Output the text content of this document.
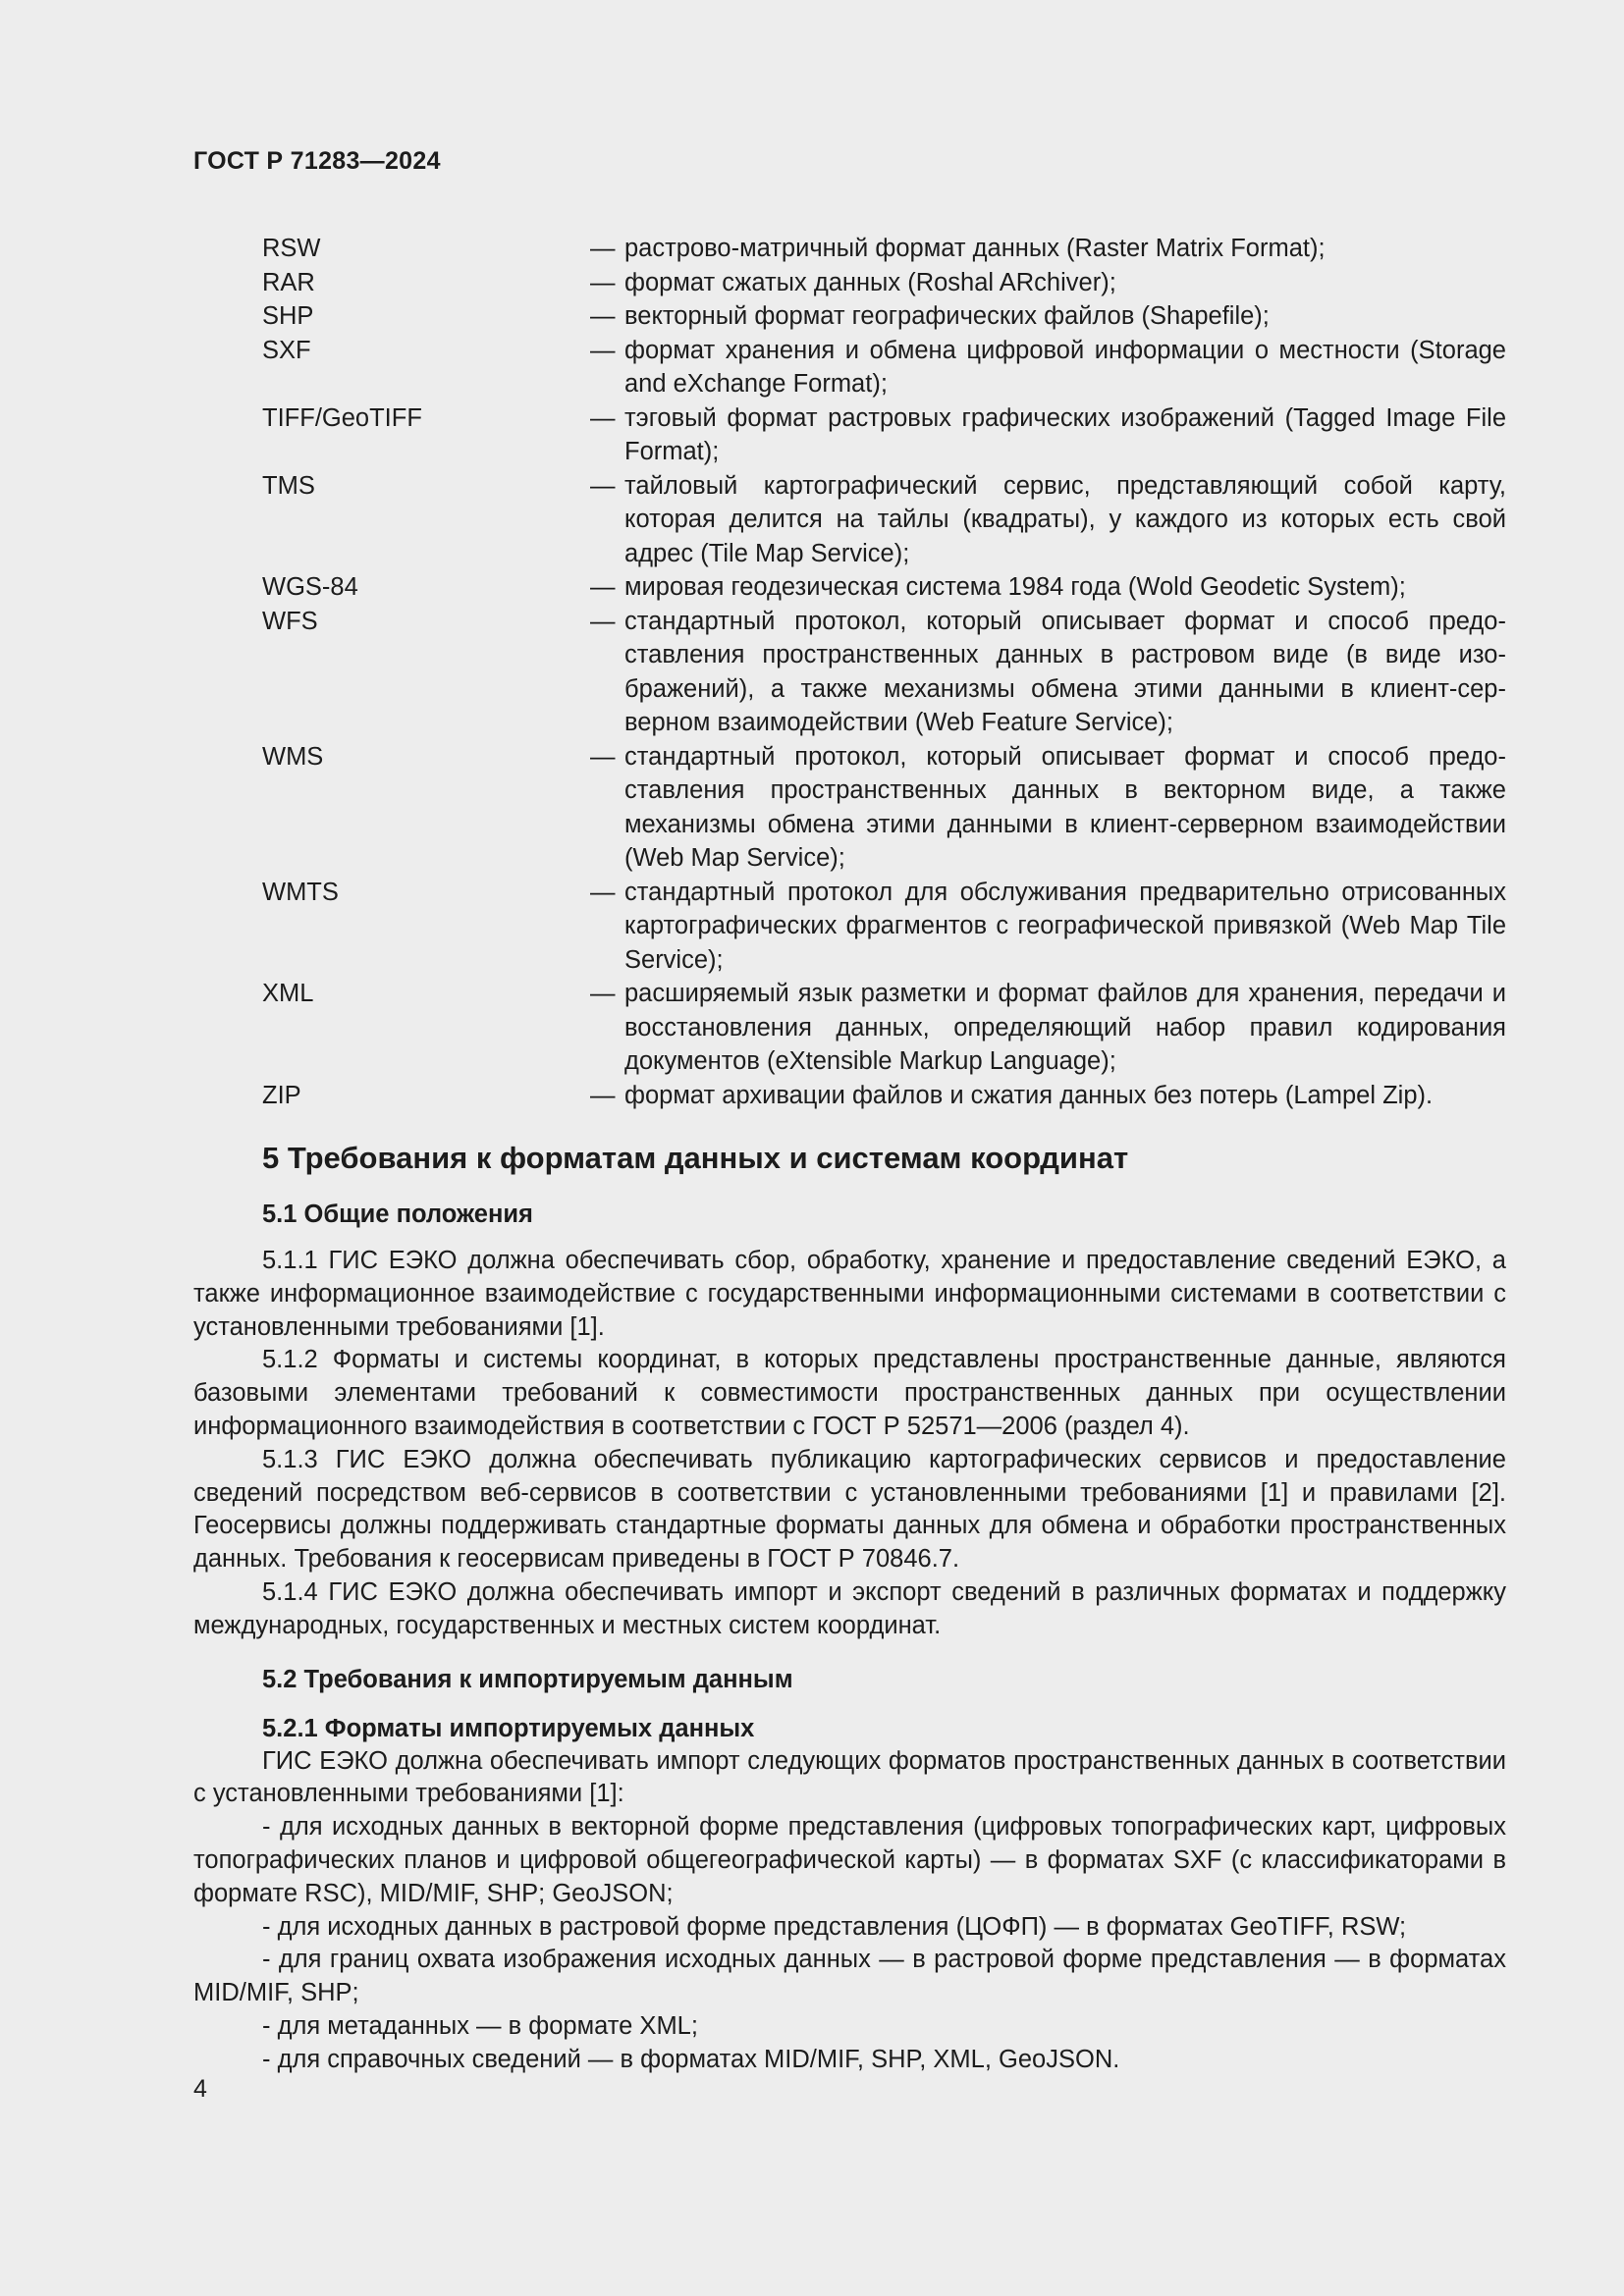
ГОСТ Р 71283—2024
RSW	— растрово-матричный формат данных (Raster Matrix Format);
RAR	— формат сжатых данных (Roshal ARchiver);
SHP	— векторный формат географических файлов (Shapefile);
SXF	— формат хранения и обмена цифровой информации о местности (Storage and eXchange Format);
TIFF/GeoTIFF	— тэговый формат растровых графических изображений (Tagged Image File Format);
TMS	— тайловый картографический сервис, представляющий собой карту, которая делится на тайлы (квадраты), у каждого из которых есть свой адрес (Tile Map Service);
WGS-84	— мировая геодезическая система 1984 года (Wold Geodetic System);
WFS	— стандартный протокол, который описывает формат и способ предоставления пространственных данных в растровом виде (в виде изображений), а также механизмы обмена этими данными в клиент-серверном взаимодействии (Web Feature Service);
WMS	— стандартный протокол, который описывает формат и способ предоставления пространственных данных в векторном виде, а также механизмы обмена этими данными в клиент-серверном взаимодействии (Web Map Service);
WMTS	— стандартный протокол для обслуживания предварительно отрисованных картографических фрагментов с географической привязкой (Web Map Tile Service);
XML	— расширяемый язык разметки и формат файлов для хранения, передачи и восстановления данных, определяющий набор правил кодирования документов (eXtensible Markup Language);
ZIP	— формат архивации файлов и сжатия данных без потерь (Lampel Zip).
5 Требования к форматам данных и системам координат
5.1 Общие положения

5.1.1 ГИС ЕЭКО должна обеспечивать сбор, обработку, хранение и предоставление сведений ЕЭКО, а также информационное взаимодействие с государственными информационными системами в соответствии с установленными требованиями [1].

5.1.2 Форматы и системы координат, в которых представлены пространственные данные, являются базовыми элементами требований к совместимости пространственных данных при осуществлении информационного взаимодействия в соответствии с ГОСТ Р 52571—2006 (раздел 4).

5.1.3 ГИС ЕЭКО должна обеспечивать публикацию картографических сервисов и предоставление сведений посредством веб-сервисов в соответствии с установленными требованиями [1] и правилами [2]. Геосервисы должны поддерживать стандартные форматы данных для обмена и обработки пространственных данных. Требования к геосервисам приведены в ГОСТ Р 70846.7.

5.1.4 ГИС ЕЭКО должна обеспечивать импорт и экспорт сведений в различных форматах и поддержку международных, государственных и местных систем координат.

5.2 Требования к импортируемым данным
5.2.1 Форматы импортируемых данных

ГИС ЕЭКО должна обеспечивать импорт следующих форматов пространственных данных в соответствии с установленными требованиями [1]:

- для исходных данных в векторной форме представления (цифровых топографических карт, цифровых топографических планов и цифровой общегеографической карты) — в форматах SXF (с классификаторами в формате RSC), MID/MIF, SHP; GeoJSON;

- для исходных данных в растровой форме представления (ЦОФП) — в форматах GeoTIFF, RSW;

- для границ охвата изображения исходных данных — в растровой форме представления — в форматах MID/MIF, SHP;

- для метаданных — в формате XML;

- для справочных сведений — в форматах MID/MIF, SHP, XML, GeoJSON.

4
